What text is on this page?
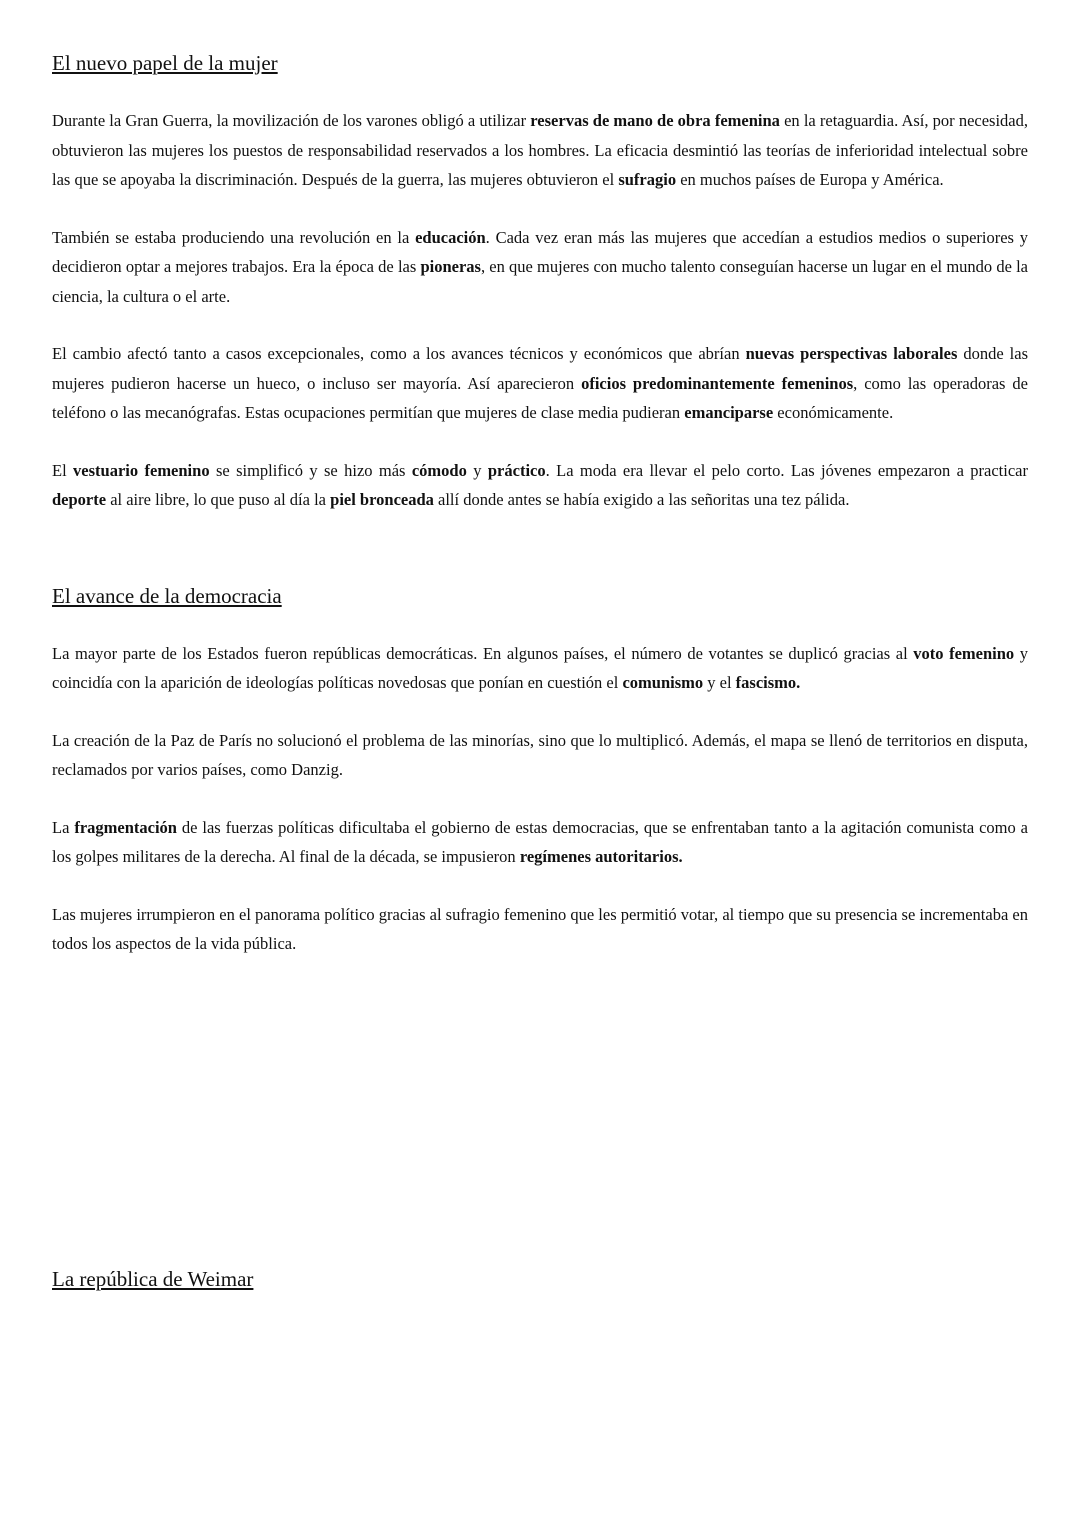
El nuevo papel de la mujer

Durante la Gran Guerra, la movilización de los varones obligó a utilizar reservas de mano de obra femenina en la retaguardia. Así, por necesidad, obtuvieron las mujeres los puestos de responsabilidad reservados a los hombres. La eficacia desmintió las teorías de inferioridad intelectual sobre las que se apoyaba la discriminación. Después de la guerra, las mujeres obtuvieron el sufragio en muchos países de Europa y América.

También se estaba produciendo una revolución en la educación. Cada vez eran más las mujeres que accedían a estudios medios o superiores y decidieron optar a mejores trabajos. Era la época de las pioneras, en que mujeres con mucho talento conseguían hacerse un lugar en el mundo de la ciencia, la cultura o el arte.

El cambio afectó tanto a casos excepcionales, como a los avances técnicos y económicos que abrían nuevas perspectivas laborales donde las mujeres pudieron hacerse un hueco, o incluso ser mayoría. Así aparecieron oficios predominantemente femeninos, como las operadoras de teléfono o las mecanógrafas. Estas ocupaciones permitían que mujeres de clase media pudieran emanciparse económicamente.

El vestuario femenino se simplificó y se hizo más cómodo y práctico. La moda era llevar el pelo corto. Las jóvenes empezaron a practicar deporte al aire libre, lo que puso al día la piel bronceada allí donde antes se había exigido a las señoritas una tez pálida.

El avance de la democracia

La mayor parte de los Estados fueron repúblicas democráticas. En algunos países, el número de votantes se duplicó gracias al voto femenino y coincidía con la aparición de ideologías políticas novedosas que ponían en cuestión el comunismo y el fascismo.

La creación de la Paz de París no solucionó el problema de las minorías, sino que lo multiplicó. Además, el mapa se llenó de territorios en disputa, reclamados por varios países, como Danzig.

La fragmentación de las fuerzas políticas dificultaba el gobierno de estas democracias, que se enfrentaban tanto a la agitación comunista como a los golpes militares de la derecha. Al final de la década, se impusieron regímenes autoritarios.

Las mujeres irrumpieron en el panorama político gracias al sufragio femenino que les permitió votar, al tiempo que su presencia se incrementaba en todos los aspectos de la vida pública.

La república de Weimar
